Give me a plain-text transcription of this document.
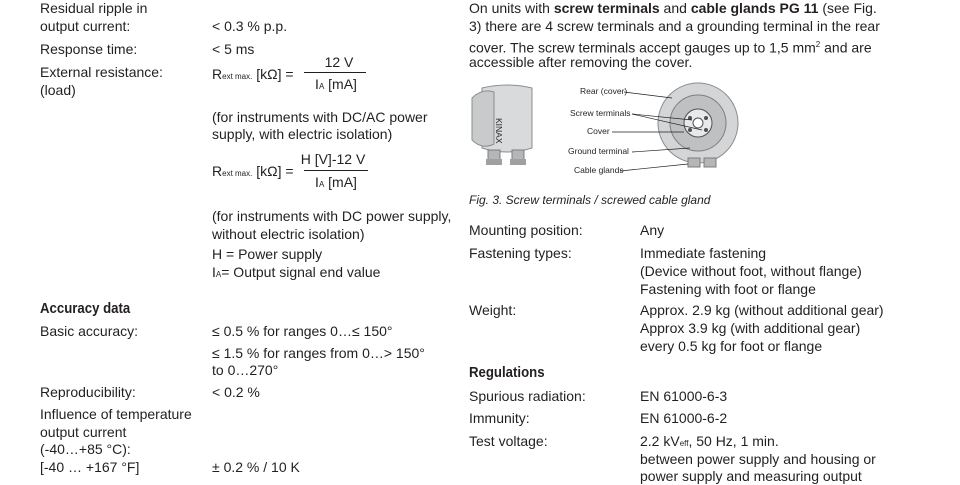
Residual ripple in
output current:	< 0.3 % p.p.
Response time:	< 5 ms
External resistance:
(load)
Rext max. [kΩ] =
12 V
IA [mA]
(for instruments with DC/AC power
supply, with electric isolation)
Rext max. [kΩ] =
H [V]-12 V
IA [mA]
(for instruments with DC power supply,
without electric isolation)
H = Power supply
IA= Output signal end value
Accuracy data
Basic accuracy:	≤ 0.5 % for ranges 0…≤ 150°
≤ 1.5 % for ranges from 0…> 150°
to 0…270°
Reproducibility:	< 0.2 %
Influence of temperature
output current
(-40…+85 °C):
[-40 … +167 °F]	± 0.2 % / 10 K
On units with screw terminals and cable glands PG 11 (see Fig.
3) there are 4 screw terminals and a grounding terminal in the rear
cover. The screw terminals accept gauges up to 1,5 $mm^2$ and are
accessible after removing the cover.
KINAX
Rear (cover)
Screw terminals
Cover
Ground terminal
Cable glands
Fig. 3. Screw terminals / screwed cable gland
Mounting position:	Any
Fastening types:	Immediate fastening
(Device without foot, without flange)
Fastening with foot or flange
Weight:	Approx. 2.9 kg (without additional gear)
Approx 3.9 kg (with additional gear)
every 0.5 kg for foot or flange
Regulations
Spurious radiation:	EN 61000-6-3
Immunity:	EN 61000-6-2
Test voltage:	2.2 kVeff, 50 Hz, 1 min.
between power supply and housing or
power supply and measuring output
